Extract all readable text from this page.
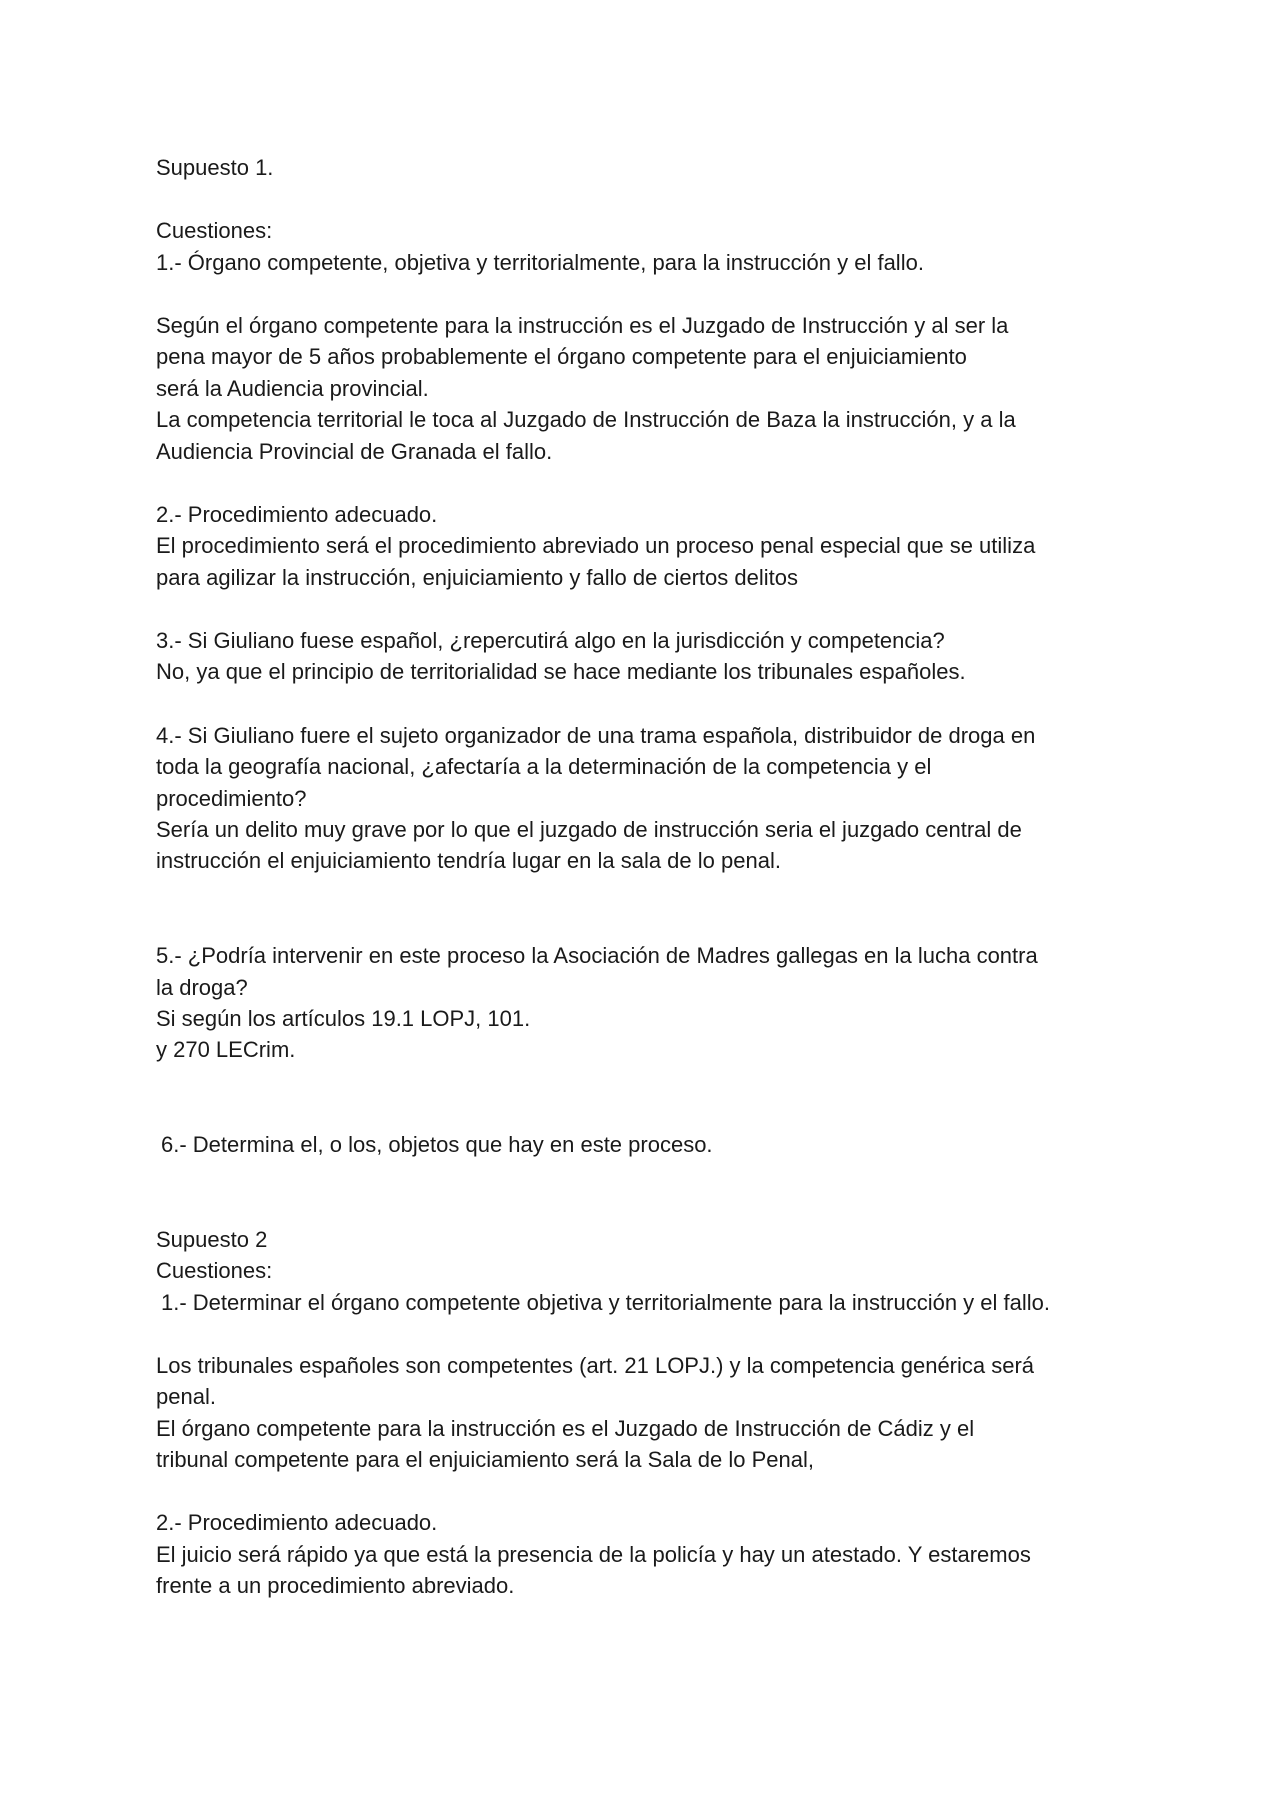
Supuesto 1.

Cuestiones:

1.- Órgano competente, objetiva y territorialmente, para la instrucción y el fallo.

Según el órgano competente para la instrucción es el Juzgado de Instrucción y al ser la

pena mayor de 5 años probablemente el órgano competente para el enjuiciamiento

será la Audiencia provincial.

La competencia territorial le toca al Juzgado de Instrucción de Baza la instrucción, y a la

Audiencia Provincial de Granada el fallo.

2.- Procedimiento adecuado.

El procedimiento será el procedimiento abreviado un proceso penal especial que se utiliza

para agilizar la instrucción, enjuiciamiento y fallo de ciertos delitos

3.- Si Giuliano fuese español, ¿repercutirá algo en la jurisdicción y competencia?

No, ya que el principio de territorialidad se hace mediante los tribunales españoles.

4.- Si Giuliano fuere el sujeto organizador de una trama española, distribuidor de droga en

toda la geografía nacional, ¿afectaría a la determinación de la competencia y el

procedimiento?

Sería un delito muy grave por lo que el juzgado de instrucción seria el juzgado central de

instrucción el enjuiciamiento tendría lugar en la sala de lo penal.

5.- ¿Podría intervenir en este proceso la Asociación de Madres gallegas en la lucha contra

la droga?

Si según los artículos 19.1 LOPJ, 101.

y 270 LECrim.

6.- Determina el, o los, objetos que hay en este proceso.

Supuesto 2

Cuestiones:

1.- Determinar el órgano competente objetiva y territorialmente para la instrucción y el fallo.

Los tribunales españoles son competentes (art. 21 LOPJ.) y la competencia genérica será

penal.

El órgano competente para la instrucción es el Juzgado de Instrucción de Cádiz y el

tribunal competente para el enjuiciamiento será la Sala de lo Penal,

2.- Procedimiento adecuado.

El juicio será rápido ya que está la presencia de la policía y hay un atestado. Y estaremos

frente a un procedimiento abreviado.
